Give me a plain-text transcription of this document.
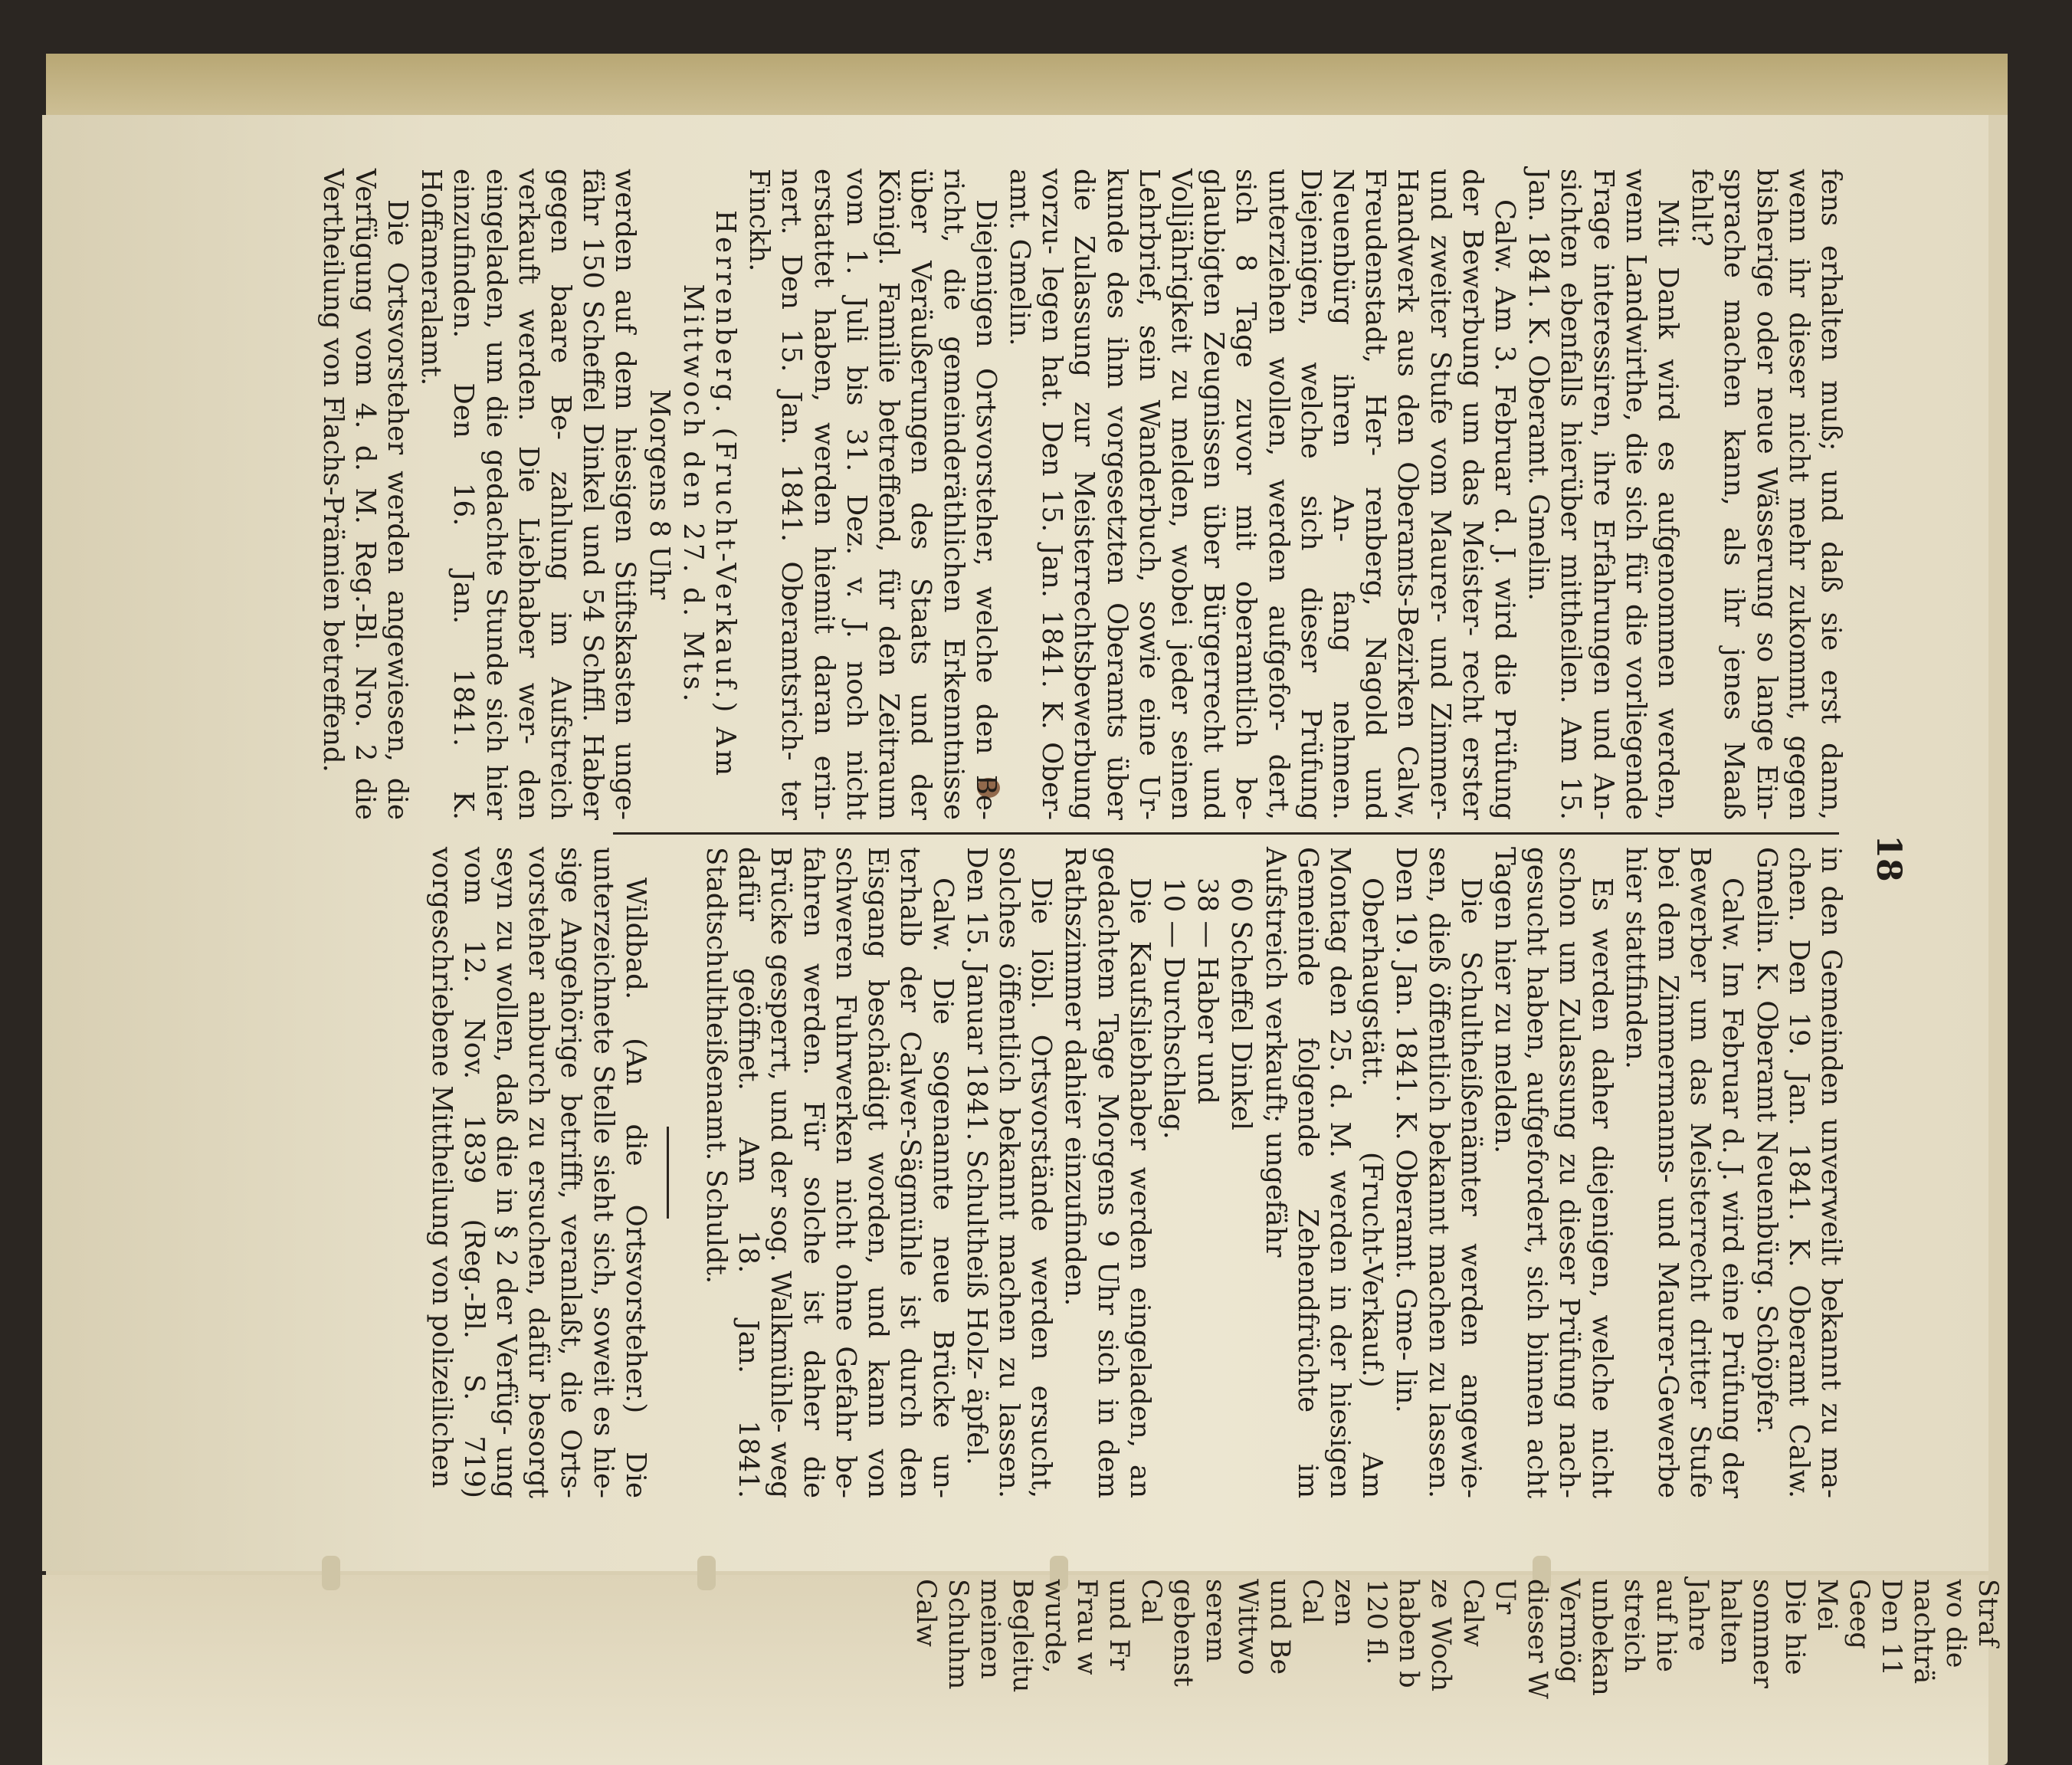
18

fens erhalten muß; und daß sie erst dann, wenn ihr dieser nicht mehr zukommt, gegen bisherige oder neue Wässerung so lange Ein- sprache machen kann, als ihr jenes Maaß fehlt?

Mit Dank wird es aufgenommen werden, wenn Landwirthe, die sich für die vorliegende Frage interessiren, ihre Erfahrungen und An- sichten ebenfalls hierüber mittheilen. Am 15. Jan. 1841. K. Oberamt. Gmelin.

Calw. Am 3. Februar d. J. wird die Prüfung der Bewerbung um das Meister- recht erster und zweiter Stufe vom Maurer- und Zimmer-Handwerk aus den Oberamts-Bezirken Calw, Freudenstadt, Her- renberg, Nagold und Neuenbürg ihren An- fang nehmen. Diejenigen, welche sich dieser Prüfung unterziehen wollen, werden aufgefor- dert, sich 8 Tage zuvor mit oberamtlich be- glaubigten Zeugnissen über Bürgerrecht und Volljährigkeit zu melden, wobei jeder seinen Lehrbrief, sein Wanderbuch, sowie eine Ur- kunde des ihm vorgesetzten Oberamts über die Zulassung zur Meisterrechtsbewerbung vorzu- legen hat. Den 15. Jan. 1841. K. Ober- amt. Gmelin.

Diejenigen Ortsvorsteher, welche den Be- richt, die gemeinderäthlichen Erkenntnisse über Veräußerungen des Staats und der Königl. Familie betreffend, für den Zeitraum vom 1. Juli bis 31. Dez. v. J. noch nicht erstattet haben, werden hiemit daran erin- nert. Den 15. Jan. 1841. Oberamtsrich- ter Finckh.

Herrenberg. (Frucht-Verkauf.) Am Mittwoch den 27. d. Mts.

Morgens 8 Uhr

werden auf dem hiesigen Stiftskasten unge- fähr 150 Scheffel Dinkel und 54 Schffl. Haber gegen baare Be- zahlung im Aufstreich verkauft werden. Die Liebhaber wer- den eingeladen, um die gedachte Stunde sich hier einzufinden. Den 16. Jan. 1841. K. Hoffameralamt.

Die Ortsvorsteher werden angewiesen, die Verfügung vom 4. d. M. Reg.-Bl. Nro. 2 die Vertheilung von Flachs-Prämien betreffend.

in den Gemeinden unverweilt bekannt zu ma- chen. Den 19. Jan. 1841. K. Oberamt Calw. Gmelin. K. Oberamt Neuenbürg. Schöpfer.

Calw. Im Februar d. J. wird eine Prüfung der Bewerber um das Meisterrecht dritter Stufe bei dem Zimmermanns- und Maurer-Gewerbe hier stattfinden.

Es werden daher diejenigen, welche nicht schon um Zulassung zu dieser Prüfung nach- gesucht haben, aufgefordert, sich binnen acht Tagen hier zu melden.

Die Schultheißenämter werden angewie- sen, dieß öffentlich bekannt machen zu lassen. Den 19. Jan. 1841. K. Oberamt. Gme- lin.

Oberhaugstätt. (Frucht-Verkauf.) Am Montag den 25. d. M. werden in der hiesigen Gemeinde folgende Zehendfrüchte im Aufstreich verkauft; ungefähr

60 Scheffel Dinkel

38 — Haber und

10 — Durchschlag.

Die Kaufsliebhaber werden eingeladen, an gedachtem Tage Morgens 9 Uhr sich in dem Rathszimmer dahier einzufinden.

Die löbl. Ortsvorstände werden ersucht, solches öffentlich bekannt machen zu lassen. Den 15. Januar 1841. Schultheiß Holz- äpfel.

Calw. Die sogenannte neue Brücke un- terhalb der Calwer-Sägmühle ist durch den Eisgang beschädigt worden, und kann von schweren Fuhrwerken nicht ohne Gefahr be- fahren werden. Für solche ist daher die Brücke gesperrt, und der sog. Walkmühle- weg dafür geöffnet. Am 18. Jan. 1841. Stadtschultheißenamt. Schuldt.

Wildbad. (An die Ortsvorsteher.) Die unterzeichnete Stelle sieht sich, soweit es hie- sige Angehörige betrifft, veranlaßt, die Orts- vorsteher anburch zu ersuchen, dafür besorgt seyn zu wollen, daß die in § 2 der Verfüg- ung vom 12. Nov. 1839 (Reg.-Bl. S. 719) vorgeschriebene Mittheilung von polizeilichen

Straf

wo die

nachträ

Den 11

Geeg

Mei

Die hie

sommer

halten

Jahre

auf hie

streich

unbekan

Vermög

dieser W

Ur

Calw

ze Woch

haben b

120 fl.

zen

Cal

und Be

Wittwo

serem

gebenst

Cal

und Fr

Frau w

wurde,

Begleitu

meinen

Schuhm

Calw
